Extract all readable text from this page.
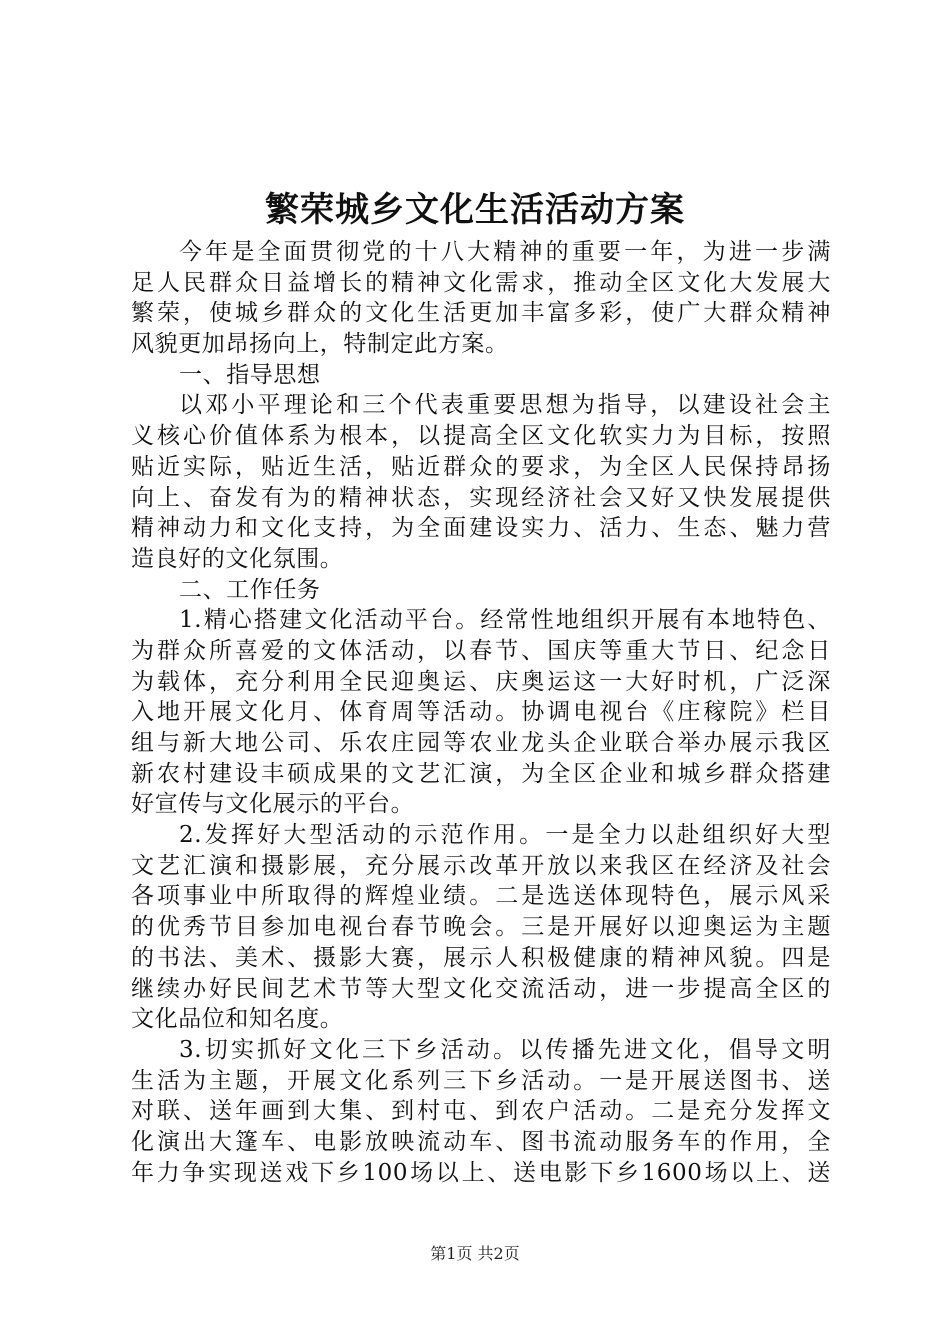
繁荣城乡文化生活活动方案
今年是全面贯彻党的十八大精神的重要一年，为进一步满
足人民群众日益增长的精神文化需求，推动全区文化大发展大
繁荣，使城乡群众的文化生活更加丰富多彩，使广大群众精神
风貌更加昂扬向上，特制定此方案。
一、指导思想
以邓小平理论和三个代表重要思想为指导，以建设社会主
义核心价值体系为根本，以提高全区文化软实力为目标，按照
贴近实际，贴近生活，贴近群众的要求，为全区人民保持昂扬
向上、奋发有为的精神状态，实现经济社会又好又快发展提供
精神动力和文化支持，为全面建设实力、活力、生态、魅力营
造良好的文化氛围。
二、工作任务
1.精心搭建文化活动平台。经常性地组织开展有本地特色、
为群众所喜爱的文体活动，以春节、国庆等重大节日、纪念日
为载体，充分利用全民迎奥运、庆奥运这一大好时机，广泛深
入地开展文化月、体育周等活动。协调电视台《庄稼院》栏目
组与新大地公司、乐农庄园等农业龙头企业联合举办展示我区
新农村建设丰硕成果的文艺汇演，为全区企业和城乡群众搭建
好宣传与文化展示的平台。
2.发挥好大型活动的示范作用。一是全力以赴组织好大型
文艺汇演和摄影展，充分展示改革开放以来我区在经济及社会
各项事业中所取得的辉煌业绩。二是选送体现特色，展示风采
的优秀节目参加电视台春节晚会。三是开展好以迎奥运为主题
的书法、美术、摄影大赛，展示人积极健康的精神风貌。四是
继续办好民间艺术节等大型文化交流活动，进一步提高全区的
文化品位和知名度。
3.切实抓好文化三下乡活动。以传播先进文化，倡导文明
生活为主题，开展文化系列三下乡活动。一是开展送图书、送
对联、送年画到大集、到村屯、到农户活动。二是充分发挥文
化演出大篷车、电影放映流动车、图书流动服务车的作用，全
年力争实现送戏下乡100场以上、送电影下乡1600场以上、送
第1页 共2页
